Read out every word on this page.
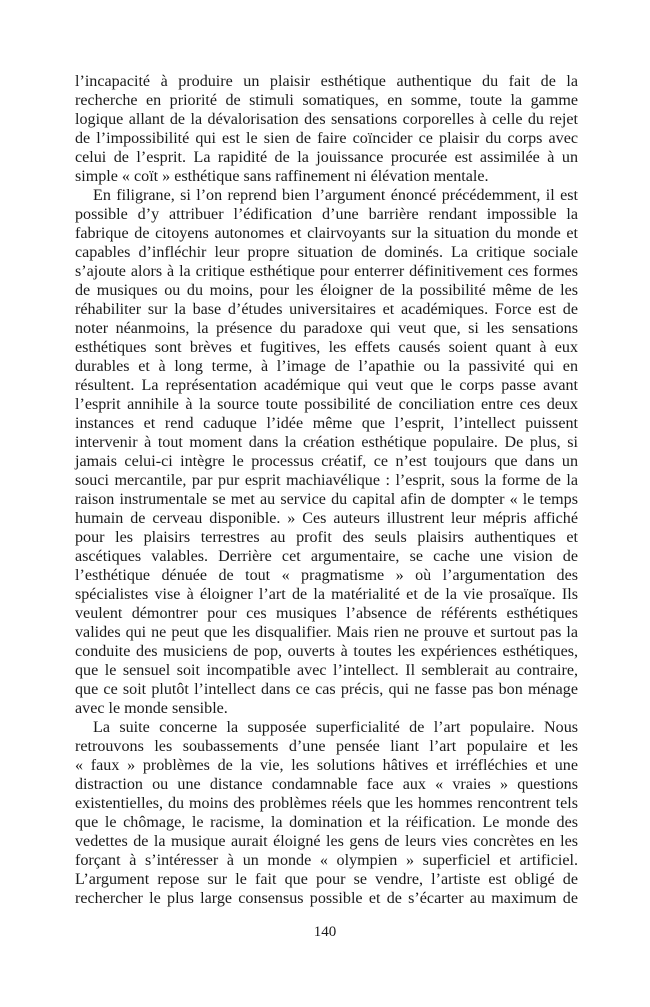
l’incapacité à produire un plaisir esthétique authentique du fait de la
recherche en priorité de stimuli somatiques, en somme, toute la gamme
logique allant de la dévalorisation des sensations corporelles à celle du rejet
de l’impossibilité qui est le sien de faire coïncider ce plaisir du corps avec
celui de l’esprit. La rapidité de la jouissance procurée est assimilée à un
simple « coït » esthétique sans raffinement ni élévation mentale.
En filigrane, si l’on reprend bien l’argument énoncé précédemment, il est
possible d’y attribuer l’édification d’une barrière rendant impossible la
fabrique de citoyens autonomes et clairvoyants sur la situation du monde et
capables d’infléchir leur propre situation de dominés. La critique sociale
s’ajoute alors à la critique esthétique pour enterrer définitivement ces formes
de musiques ou du moins, pour les éloigner de la possibilité même de les
réhabiliter sur la base d’études universitaires et académiques. Force est de
noter néanmoins, la présence du paradoxe qui veut que, si les sensations
esthétiques sont brèves et fugitives, les effets causés soient quant à eux
durables et à long terme, à l’image de l’apathie ou la passivité qui en
résultent. La représentation académique qui veut que le corps passe avant
l’esprit annihile à la source toute possibilité de conciliation entre ces deux
instances et rend caduque l’idée même que l’esprit, l’intellect puissent
intervenir à tout moment dans la création esthétique populaire. De plus, si
jamais celui-ci intègre le processus créatif, ce n’est toujours que dans un
souci mercantile, par pur esprit machiavélique : l’esprit, sous la forme de la
raison instrumentale se met au service du capital afin de dompter « le temps
humain de cerveau disponible. » Ces auteurs illustrent leur mépris affiché
pour les plaisirs terrestres au profit des seuls plaisirs authentiques et
ascétiques valables. Derrière cet argumentaire, se cache une vision de
l’esthétique dénuée de tout « pragmatisme » où l’argumentation des
spécialistes vise à éloigner l’art de la matérialité et de la vie prosaïque. Ils
veulent démontrer pour ces musiques l’absence de référents esthétiques
valides qui ne peut que les disqualifier. Mais rien ne prouve et surtout pas la
conduite des musiciens de pop, ouverts à toutes les expériences esthétiques,
que le sensuel soit incompatible avec l’intellect. Il semblerait au contraire,
que ce soit plutôt l’intellect dans ce cas précis, qui ne fasse pas bon ménage
avec le monde sensible.
La suite concerne la supposée superficialité de l’art populaire. Nous
retrouvons les soubassements d’une pensée liant l’art populaire et les
« faux » problèmes de la vie, les solutions hâtives et irréfléchies et une
distraction ou une distance condamnable face aux « vraies » questions
existentielles, du moins des problèmes réels que les hommes rencontrent tels
que le chômage, le racisme, la domination et la réification. Le monde des
vedettes de la musique aurait éloigné les gens de leurs vies concrètes en les
forçant à s’intéresser à un monde « olympien » superficiel et artificiel.
L’argument repose sur le fait que pour se vendre, l’artiste est obligé de
rechercher le plus large consensus possible et de s’écarter au maximum de
140
